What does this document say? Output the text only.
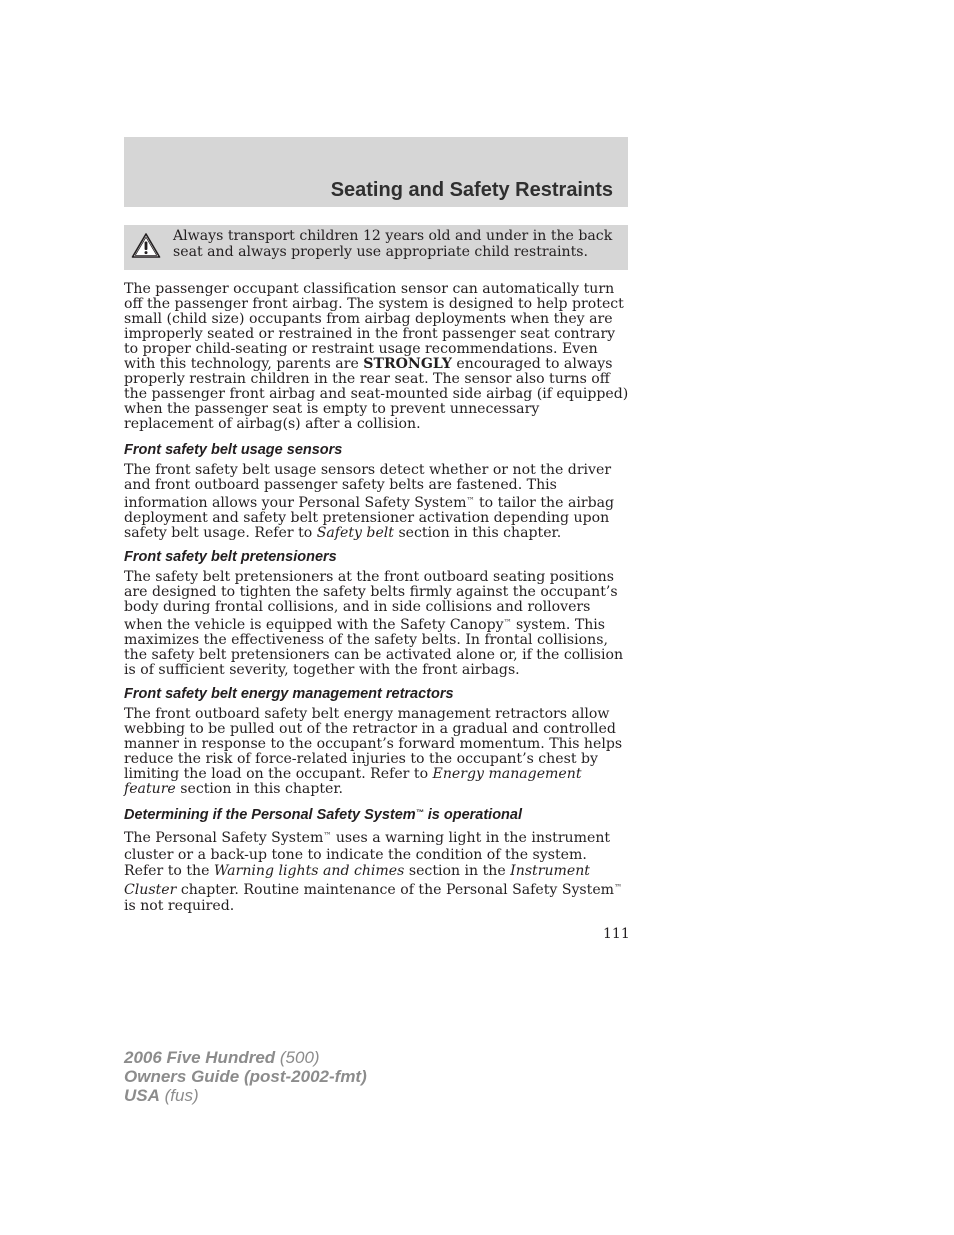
Seating and Safety Restraints

Always transport children 12 years old and under in the back seat and always properly use appropriate child restraints.

The passenger occupant classification sensor can automatically turn off the passenger front airbag. The system is designed to help protect small (child size) occupants from airbag deployments when they are improperly seated or restrained in the front passenger seat contrary to proper child-seating or restraint usage recommendations. Even with this technology, parents are STRONGLY encouraged to always properly restrain children in the rear seat. The sensor also turns off the passenger front airbag and seat-mounted side airbag (if equipped) when the passenger seat is empty to prevent unnecessary replacement of airbag(s) after a collision.

Front safety belt usage sensors

The front safety belt usage sensors detect whether or not the driver and front outboard passenger safety belts are fastened. This information allows your Personal Safety System™ to tailor the airbag deployment and safety belt pretensioner activation depending upon safety belt usage. Refer to Safety belt section in this chapter.

Front safety belt pretensioners

The safety belt pretensioners at the front outboard seating positions are designed to tighten the safety belts firmly against the occupant’s body during frontal collisions, and in side collisions and rollovers when the vehicle is equipped with the Safety Canopy™ system. This maximizes the effectiveness of the safety belts. In frontal collisions, the safety belt pretensioners can be activated alone or, if the collision is of sufficient severity, together with the front airbags.

Front safety belt energy management retractors

The front outboard safety belt energy management retractors allow webbing to be pulled out of the retractor in a gradual and controlled manner in response to the occupant’s forward momentum. This helps reduce the risk of force-related injuries to the occupant’s chest by limiting the load on the occupant. Refer to Energy management feature section in this chapter.

Determining if the Personal Safety System™ is operational

The Personal Safety System™ uses a warning light in the instrument cluster or a back-up tone to indicate the condition of the system. Refer to the Warning lights and chimes section in the Instrument Cluster chapter. Routine maintenance of the Personal Safety System™ is not required.

111

2006 Five Hundred (500)
Owners Guide (post-2002-fmt)
USA (fus)
